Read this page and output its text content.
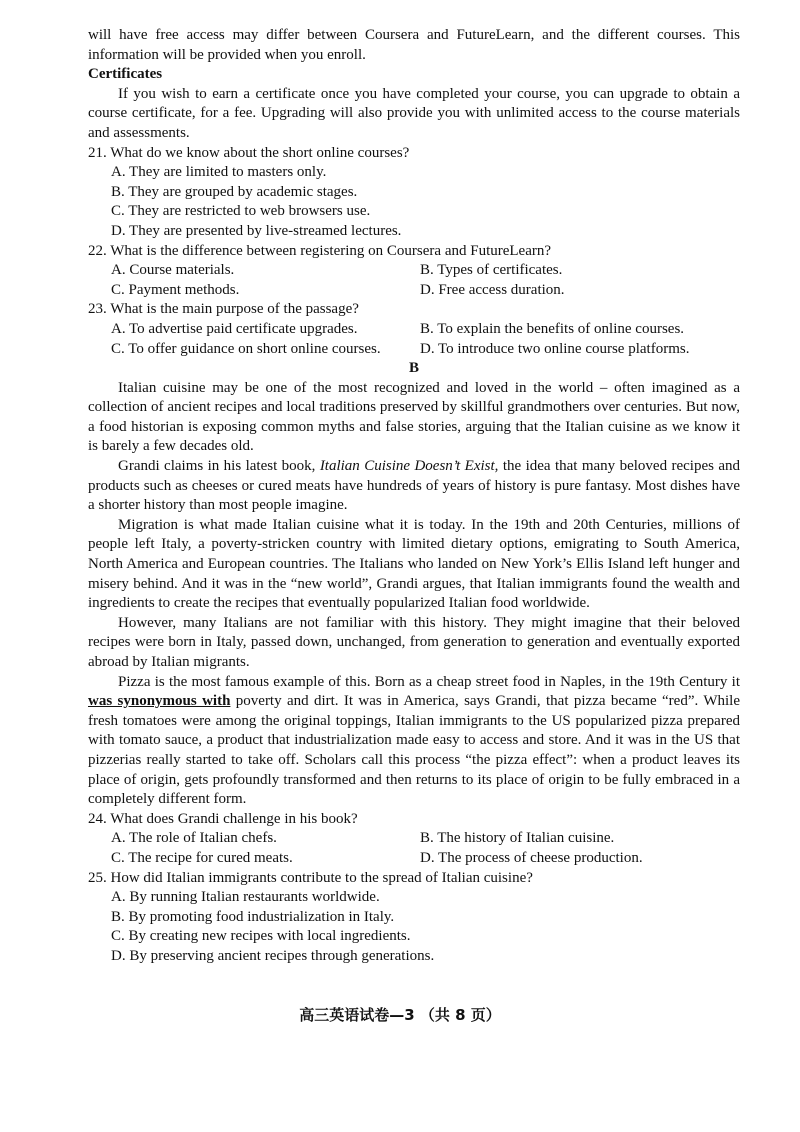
will have free access may differ between Coursera and FutureLearn, and the different courses. This information will be provided when you enroll.

Certificates

If you wish to earn a certificate once you have completed your course, you can upgrade to obtain a course certificate, for a fee. Upgrading will also provide you with unlimited access to the course materials and assessments.

21. What do we know about the short online courses?

A. They are limited to masters only.

B. They are grouped by academic stages.

C. They are restricted to web browsers use.

D. They are presented by live-streamed lectures.

22. What is the difference between registering on Coursera and FutureLearn?

A. Course materials.	B. Types of certificates.
C. Payment methods.	D. Free access duration.

23. What is the main purpose of the passage?

A. To advertise paid certificate upgrades.	B. To explain the benefits of online courses.
C. To offer guidance on short online courses.	D. To introduce two online course platforms.

B

Italian cuisine may be one of the most recognized and loved in the world – often imagined as a collection of ancient recipes and local traditions preserved by skillful grandmothers over centuries. But now, a food historian is exposing common myths and false stories, arguing that the Italian cuisine as we know it is barely a few decades old.

Grandi claims in his latest book, Italian Cuisine Doesn’t Exist, the idea that many beloved recipes and products such as cheeses or cured meats have hundreds of years of history is pure fantasy. Most dishes have a shorter history than most people imagine.

Migration is what made Italian cuisine what it is today. In the 19th and 20th Centuries, millions of people left Italy, a poverty-stricken country with limited dietary options, emigrating to South America, North America and European countries. The Italians who landed on New York’s Ellis Island left hunger and misery behind. And it was in the “new world”, Grandi argues, that Italian immigrants found the wealth and ingredients to create the recipes that eventually popularized Italian food worldwide.

However, many Italians are not familiar with this history. They might imagine that their beloved recipes were born in Italy, passed down, unchanged, from generation to generation and eventually exported abroad by Italian migrants.

Pizza is the most famous example of this. Born as a cheap street food in Naples, in the 19th Century it was synonymous with poverty and dirt. It was in America, says Grandi, that pizza became “red”. While fresh tomatoes were among the original toppings, Italian immigrants to the US popularized pizza prepared with tomato sauce, a product that industrialization made easy to access and store. And it was in the US that pizzerias really started to take off. Scholars call this process “the pizza effect”: when a product leaves its place of origin, gets profoundly transformed and then returns to its place of origin to be fully embraced in a completely different form.

24. What does Grandi challenge in his book?

A. The role of Italian chefs.	B. The history of Italian cuisine.
C. The recipe for cured meats.	D. The process of cheese production.

25. How did Italian immigrants contribute to the spread of Italian cuisine?

A. By running Italian restaurants worldwide.

B. By promoting food industrialization in Italy.

C. By creating new recipes with local ingredients.

D. By preserving ancient recipes through generations.

高三英语试卷—3 （共 8 页）
